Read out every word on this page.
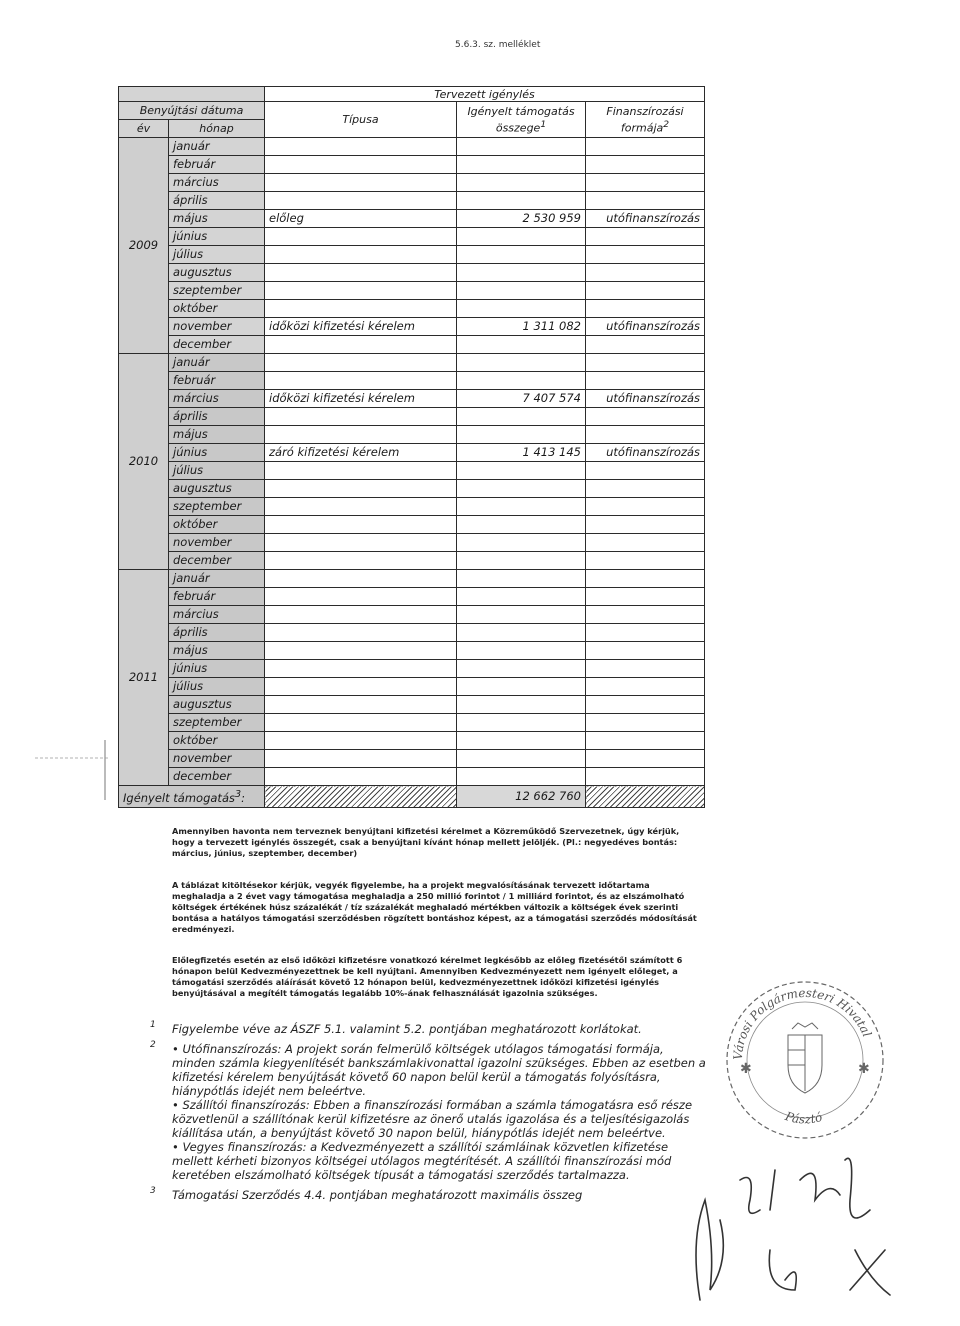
5.6.3. sz. melléklet
		Tervezett igénylés		
Benyújtási dátuma		Típusa	Igényelt támogatás összege$^1$	Finanszírozási formája$^2$
év	hónap			
2009	január			
	február			
	március			
	április			
	május	előleg	2 530 959	utófinanszírozás
	június			
	július			
	augusztus			
	szeptember			
	október			
	november	időközi kifizetési kérelem	1 311 082	utófinanszírozás
	december			
2010	január			
	február			
	március	időközi kifizetési kérelem	7 407 574	utófinanszírozás
	április			
	május			
	június	záró kifizetési kérelem	1 413 145	utófinanszírozás
	július			
	augusztus			
	szeptember			
	október			
	november			
	december			
2011	január			
	február			
	március			
	április			
	május			
	június			
	július			
	augusztus			
	szeptember			
	október			
	november			
	december			
Igényelt támogatás$^3$:			12 662 760	

Amennyiben havonta nem terveznek benyújtani kifizetési kérelmet a Közreműködő Szervezetnek, úgy kérjük, hogy a tervezett igénylés összegét, csak a benyújtani kívánt hónap mellett jelöljék. (Pl.: negyedéves bontás: március, június, szeptember, december)

A táblázat kitöltésekor kérjük, vegyék figyelembe, ha a projekt megvalósításának tervezett időtartama meghaladja a 2 évet vagy támogatása meghaladja a 250 millió forintot / 1 milliárd forintot, és az elszámolható költségek értékének húsz százalékát / tíz százalékát meghaladó mértékben változik a költségek évek szerinti bontása a hatályos támogatási szerződésben rögzített bontáshoz képest, az a támogatási szerződés módosítását eredményezi.

Előlegfizetés esetén az első időközi kifizetésre vonatkozó kérelmet legkésőbb az előleg fizetésétől számított 6 hónapon belül Kedvezményezettnek be kell nyújtani. Amennyiben Kedvezményezett nem igényelt előleget, a támogatási szerződés aláírását követő 12 hónapon belül, kedvezményezettnek időközi kifizetési igénylés benyújtásával a megítélt támogatás legalább 10%-ának felhasználását igazolnia szükséges.

1 Figyelembe véve az ÁSZF 5.1. valamint 5.2. pontjában meghatározott korlátokat.
2 • Utófinanszírozás: A projekt során felmerülő költségek utólagos támogatási formája, minden számla kiegyenlítését bankszámlakivonattal igazolni szükséges. Ebben az esetben a kifizetési kérelem benyújtását követő 60 napon belül kerül a támogatás folyósításra, hiánypótlás idejét nem beleértve.
• Szállítói finanszírozás: Ebben a finanszírozási formában a számla támogatásra eső része közvetlenül a szállítónak kerül kifizetésre az önerő utalás igazolása és a teljesítésigazolás kiállítása után, a benyújtást követő 30 napon belül, hiánypótlás idejét nem beleértve.
• Vegyes finanszírozás: a Kedvezményezett a szállítói számláinak közvetlen kifizetése mellett kérheti bizonyos költségei utólagos megtérítését. A szállítói finanszírozási mód keretében elszámolható költségek típusát a támogatási szerződés tartalmazza.
3 Támogatási Szerződés 4.4. pontjában meghatározott maximális összeg
Városi Polgármesteri Hivatal
Pásztó
✱	✱
